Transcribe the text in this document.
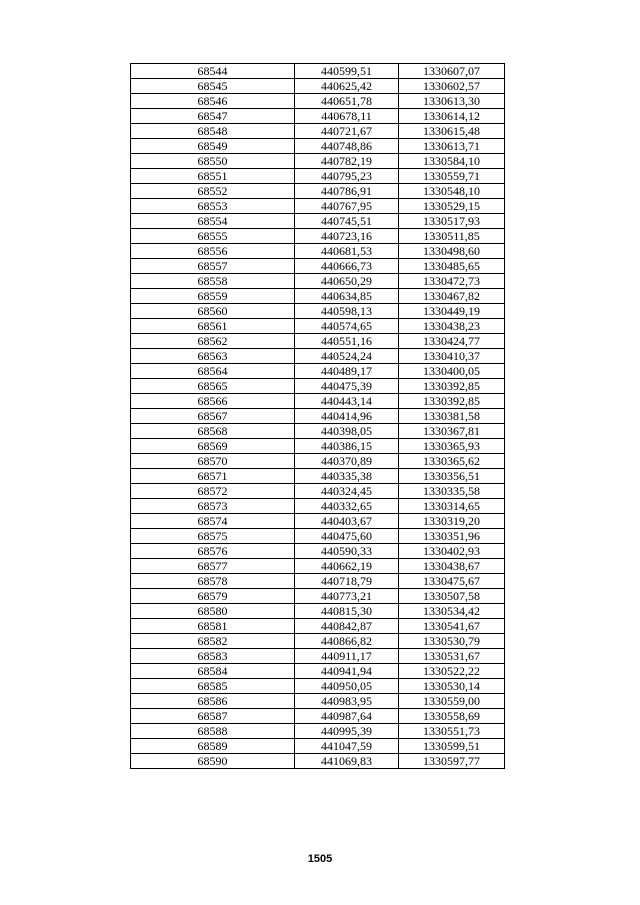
68544	440599,51	1330607,07
68545	440625,42	1330602,57
68546	440651,78	1330613,30
68547	440678,11	1330614,12
68548	440721,67	1330615,48
68549	440748,86	1330613,71
68550	440782,19	1330584,10
68551	440795,23	1330559,71
68552	440786,91	1330548,10
68553	440767,95	1330529,15
68554	440745,51	1330517,93
68555	440723,16	1330511,85
68556	440681,53	1330498,60
68557	440666,73	1330485,65
68558	440650,29	1330472,73
68559	440634,85	1330467,82
68560	440598,13	1330449,19
68561	440574,65	1330438,23
68562	440551,16	1330424,77
68563	440524,24	1330410,37
68564	440489,17	1330400,05
68565	440475,39	1330392,85
68566	440443,14	1330392,85
68567	440414,96	1330381,58
68568	440398,05	1330367,81
68569	440386,15	1330365,93
68570	440370,89	1330365,62
68571	440335,38	1330356,51
68572	440324,45	1330335,58
68573	440332,65	1330314,65
68574	440403,67	1330319,20
68575	440475,60	1330351,96
68576	440590,33	1330402,93
68577	440662,19	1330438,67
68578	440718,79	1330475,67
68579	440773,21	1330507,58
68580	440815,30	1330534,42
68581	440842,87	1330541,67
68582	440866,82	1330530,79
68583	440911,17	1330531,67
68584	440941,94	1330522,22
68585	440950,05	1330530,14
68586	440983,95	1330559,00
68587	440987,64	1330558,69
68588	440995,39	1330551,73
68589	441047,59	1330599,51
68590	441069,83	1330597,77
1505
